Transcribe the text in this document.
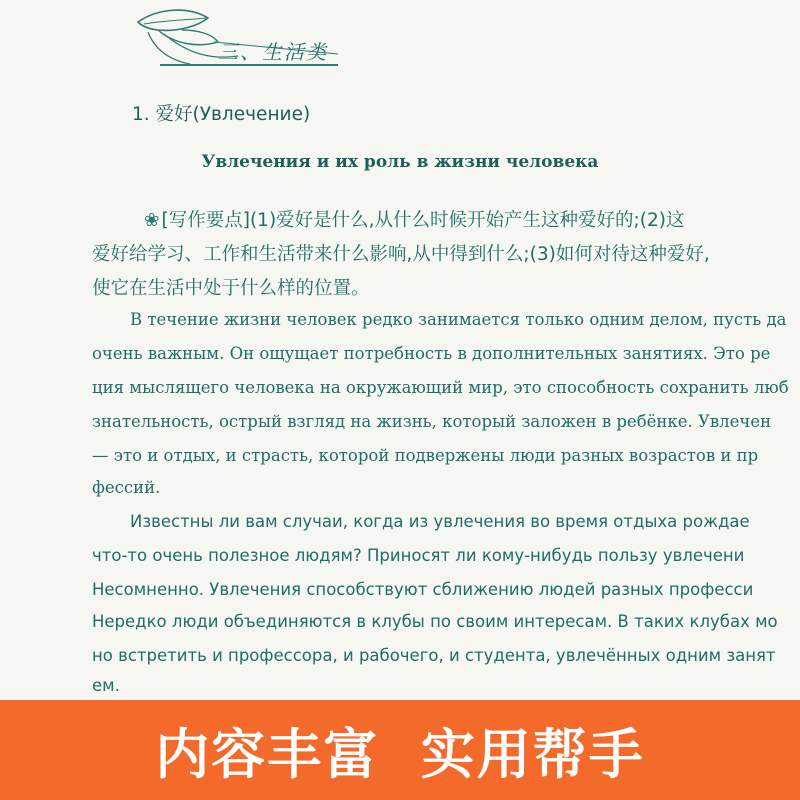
三、生活类
1. 爱好(Увлечение)
Увлечения и их роль в жизни человека
❀ [写作要点](1)爱好是什么,从什么时候开始产生这种爱好的;(2)这
爱好给学习、工作和生活带来什么影响,从中得到什么;(3)如何对待这种爱好,
使它在生活中处于什么样的位置。
В течение жизни человек редко занимается только одним делом, пусть да
очень важным. Он ощущает потребность в дополнительных занятиях. Это ре
ция мыслящего человека на окружающий мир, это способность сохранить люб
знательность, острый взгляд на жизнь, который заложен в ребёнке. Увлечен
— это и отдых, и страсть, которой подвержены люди разных возрастов и пр
фессий.
Известны ли вам случаи, когда из увлечения во время отдыха рождае
что-то очень полезное людям? Приносят ли кому-нибудь пользу увлечени
Несомненно. Увлечения способствуют сближению людей разных професси
Нередко люди объединяются в клубы по своим интересам. В таких клубах мо
но встретить и профессора, и рабочего, и студента, увлечённых одним занят
ем.
内容丰富  实用帮手
